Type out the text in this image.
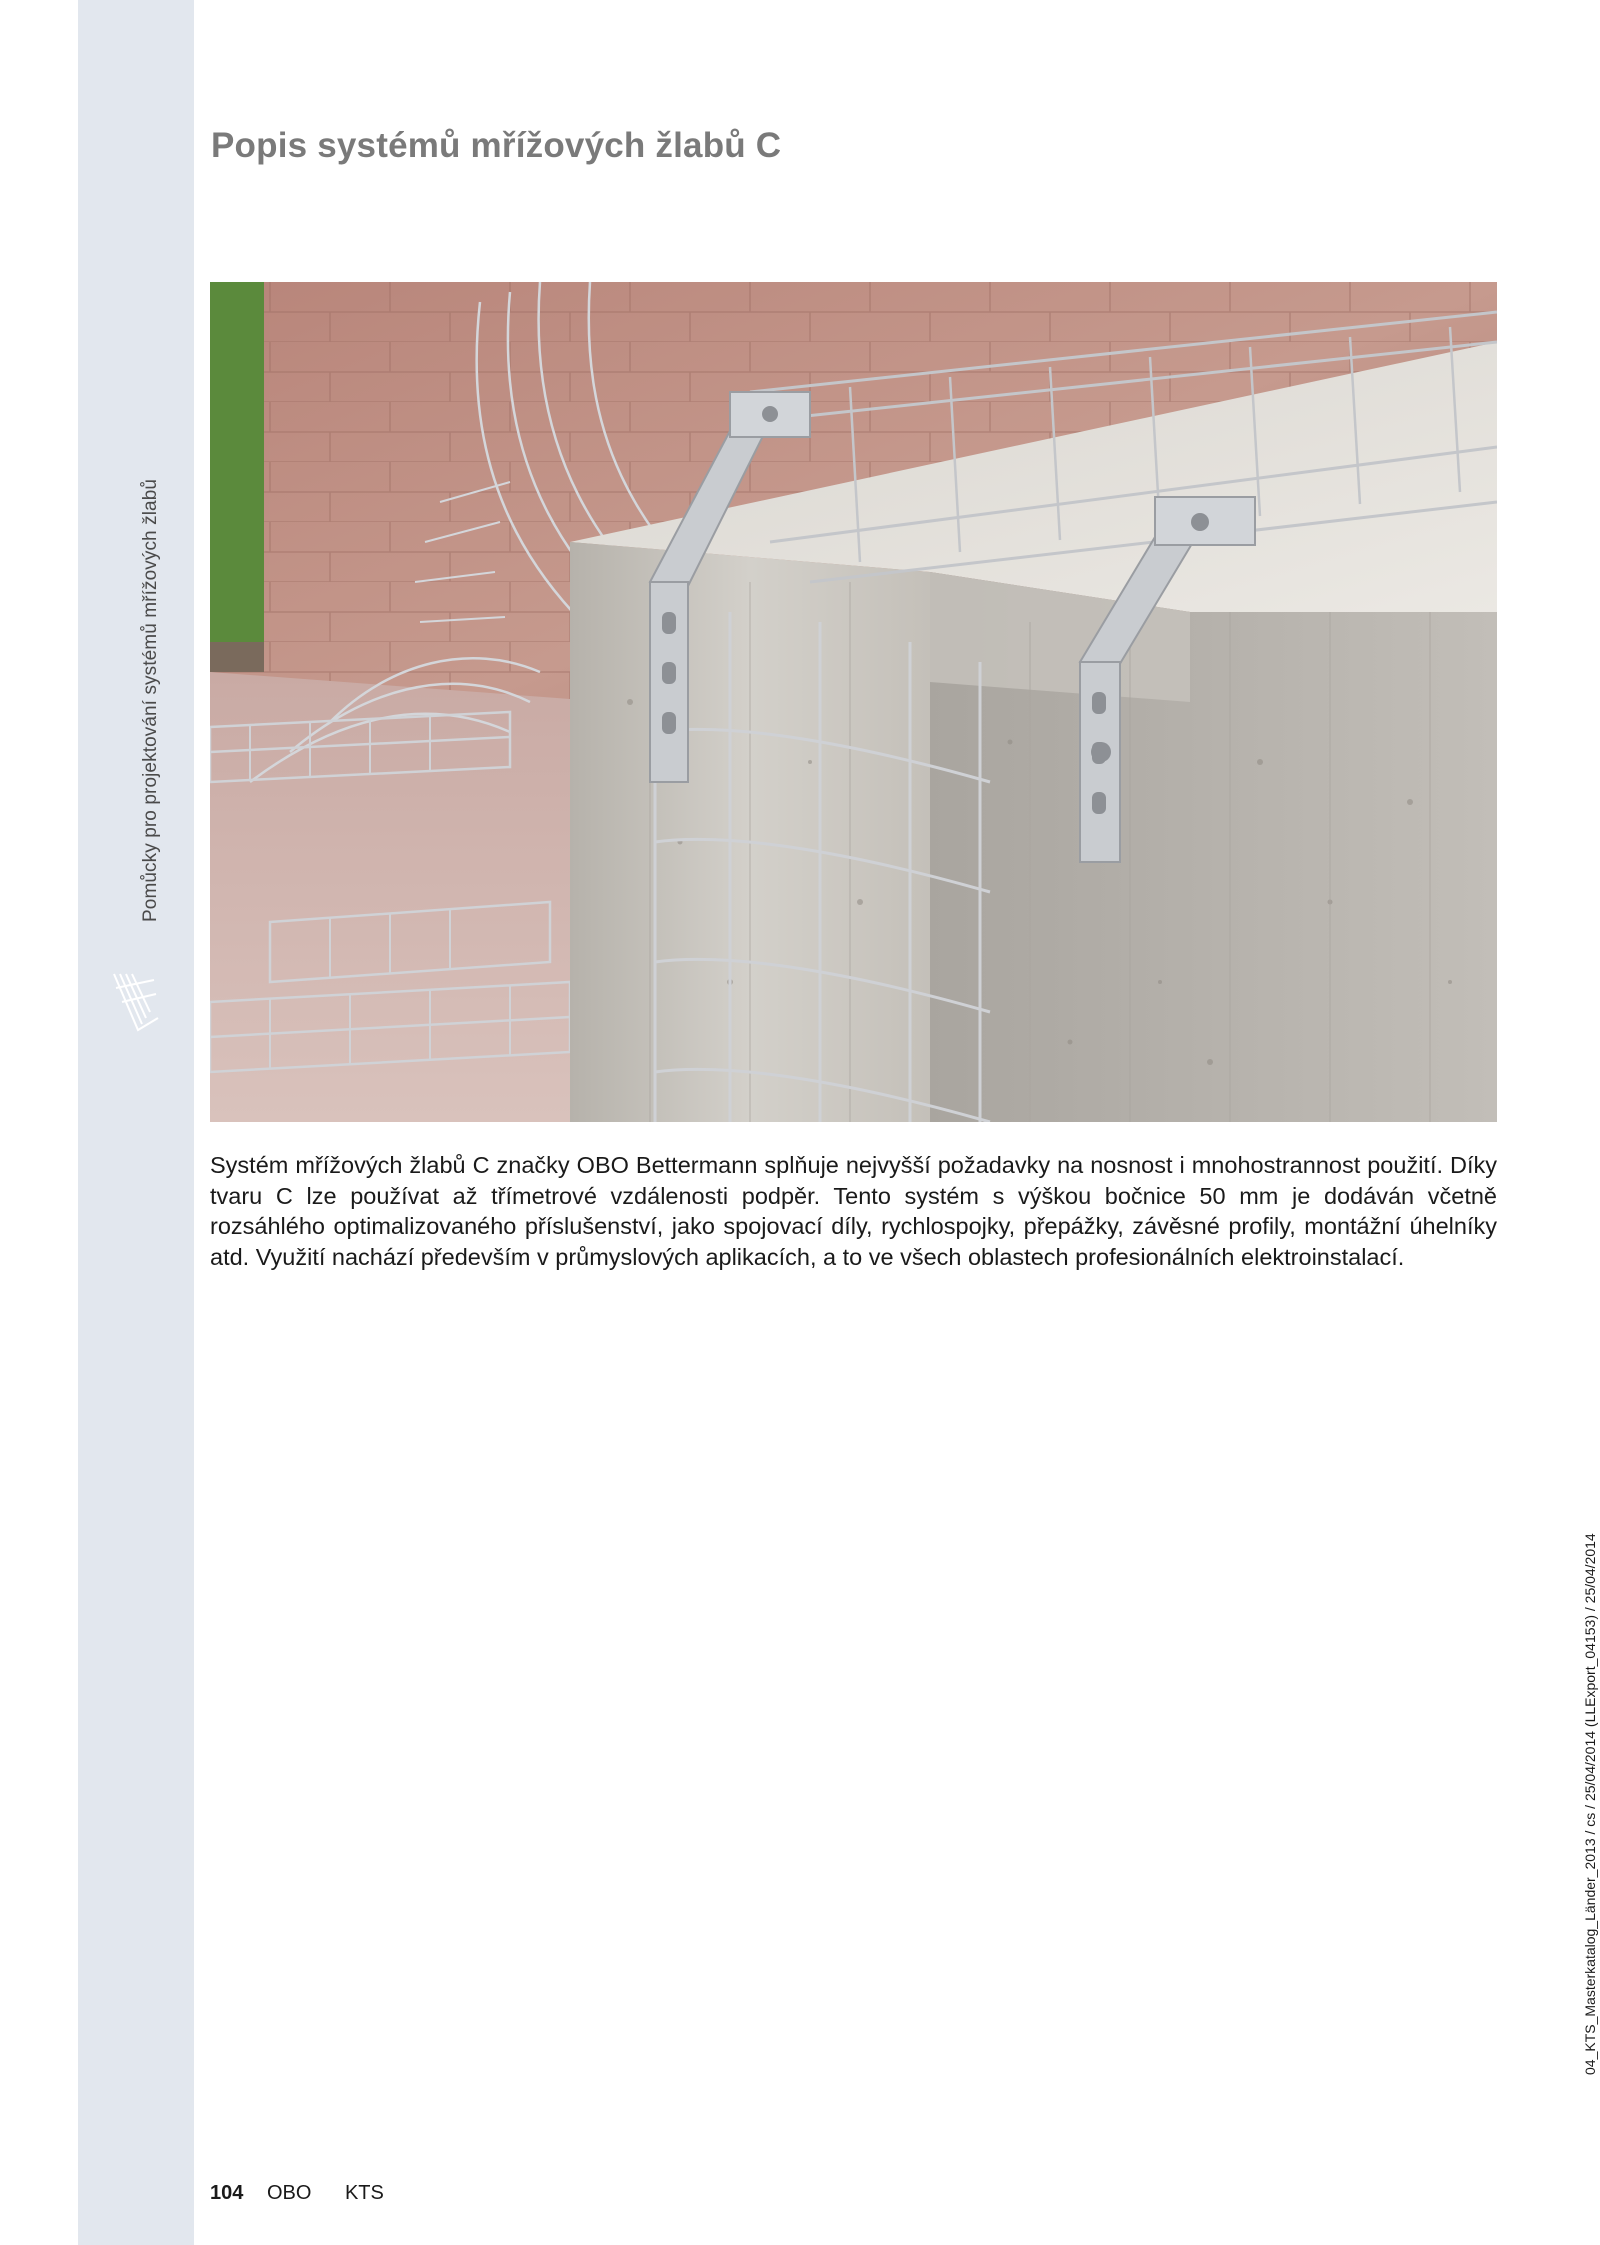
Pomůcky pro projektování systémů mřížových žlabů
Popis systémů mřížových žlabů C

Systém mřížových žlabů C značky OBO Bettermann splňuje nejvyšší požadavky na nosnost i mnohostrannost použití. Díky tvaru C lze používat až třímetrové vzdálenosti podpěr. Tento systém s výškou bočnice 50 mm je dodáván včetně rozsáhlého optimalizovaného příslušenství, jako spojovací díly, rychlospojky, přepážky, závěsné profily, montážní úhelníky atd. Využití nachází především v průmyslových aplikacích, a to ve všech oblastech profesionálních elektroinstalací.

104 OBO KTS
04_KTS_Masterkatalog_Länder_2013 / cs / 25/04/2014 (LLExport_04153) / 25/04/2014
